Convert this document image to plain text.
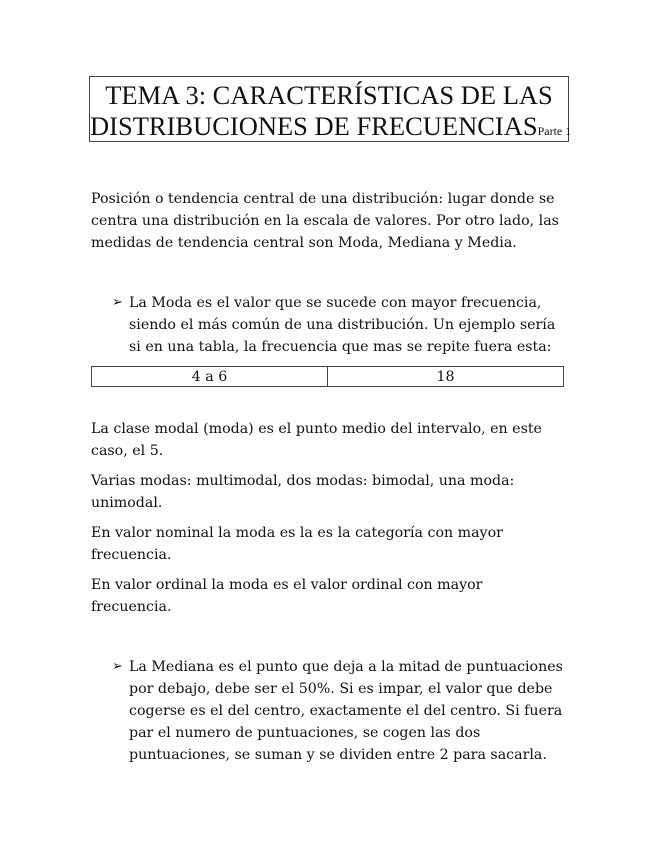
TEMA 3: CARACTERÍSTICAS DE LAS
DISTRIBUCIONES DE FRECUENCIASParte 1
Posición o tendencia central de una distribución: lugar donde se
centra una distribución en la escala de valores. Por otro lado, las
medidas de tendencia central son Moda, Mediana y Media.
➢ La Moda es el valor que se sucede con mayor frecuencia,
siendo el más común de una distribución. Un ejemplo sería
si en una tabla, la frecuencia que mas se repite fuera esta:
4 a 6	18
La clase modal (moda) es el punto medio del intervalo, en este
caso, el 5.
Varias modas: multimodal, dos modas: bimodal, una moda:
unimodal.
En valor nominal la moda es la es la categoría con mayor
frecuencia.
En valor ordinal la moda es el valor ordinal con mayor
frecuencia.
➢ La Mediana es el punto que deja a la mitad de puntuaciones
por debajo, debe ser el 50%. Si es impar, el valor que debe
cogerse es el del centro, exactamente el del centro. Si fuera
par el numero de puntuaciones, se cogen las dos
puntuaciones, se suman y se dividen entre 2 para sacarla.
